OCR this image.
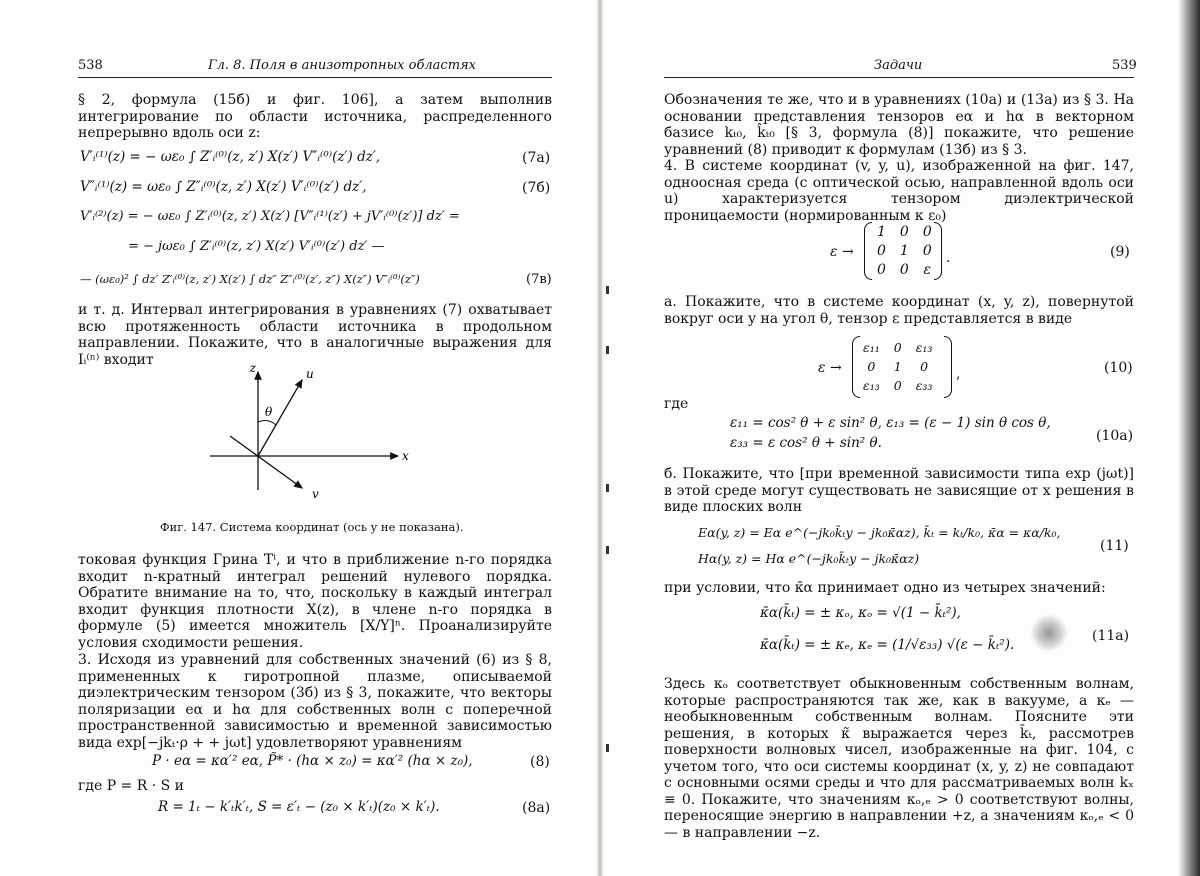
538	Гл. 8. Поля в анизотропных областях
§ 2, формула (15б) и фиг. 106], а затем выполнив интегрирование по области источника, распределенного непрерывно вдоль оси z:
V′ᵢ⁽¹⁾(z) = − ωε₀ ∫ Z′ᵢ⁽⁰⁾(z, z′) X(z′) V″ᵢ⁽⁰⁾(z′) dz′,	(7а)
V″ᵢ⁽¹⁾(z) = ωε₀ ∫ Z″ᵢ⁽⁰⁾(z, z′) X(z′) V′ᵢ⁽⁰⁾(z′) dz′,	(7б)
V′ᵢ⁽²⁾(z) = − ωε₀ ∫ Z′ᵢ⁽⁰⁾(z, z′) X(z′) [V″ᵢ⁽¹⁾(z′) + jV′ᵢ⁽⁰⁾(z′)] dz′ =
= − jωε₀ ∫ Z′ᵢ⁽⁰⁾(z, z′) X(z′) V′ᵢ⁽⁰⁾(z′) dz′ —
— (ωε₀)² ∫ dz′ Z′ᵢ⁽⁰⁾(z, z′) X(z′) ∫ dz″ Z″ᵢ⁽⁰⁾(z′, z″) X(z″) V″ᵢ⁽⁰⁾(z″)	(7в)
и т. д. Интервал интегрирования в уравнениях (7) охватывает всю протяженность области источника в продольном направлении. Покажите, что в аналогичные выражения для Iᵢ⁽ⁿ⁾ входит
z	u
θ
x
v
Фиг. 147. Система координат (ось y не показана).
токовая функция Грина Tⁱ, и что в приближение n-го порядка входит n-кратный интеграл решений нулевого порядка. Обратите внимание на то, что, поскольку в каждый интеграл входит функция плотности X(z), в члене n-го порядка в формуле (5) имеется множитель [X/Y]ⁿ. Проанализируйте условия сходимости решения.
3. Исходя из уравнений для собственных значений (6) из § 8, примененных к гиротропной плазме, описываемой диэлектрическим тензором (3б) из § 3, покажите, что векторы поляризации eα и hα для собственных волн с поперечной пространственной зависимостью и временной зависимостью вида exp[−jkₜ·ρ + + jωt] удовлетворяют уравнениям
P · eα = κα′² eα, P̃* · (hα × z₀) = κα′² (hα × z₀),	(8)
где P = R · S и
R = 1ₜ − k′ₜk′ₜ, S = ε′ₜ − (z₀ × k′ₜ)(z₀ × k′ₜ).	(8а)
Задачи	539
Обозначения те же, что и в уравнениях (10а) и (13а) из § 3. На основании представления тензоров eα и hα в векторном базисе kₜ₀, k̂ₜ₀ [§ 3, формула (8)] покажите, что решение уравнений (8) приводит к формулам (13б) из § 3.
4. В системе координат (v, y, u), изображенной на фиг. 147, одноосная среда (с оптической осью, направленной вдоль оси u) характеризуется тензором диэлектрической проницаемости (нормированным к ε₀)
ε →
1	0	0
0	1	0
0	0	ε
.	(9)
а. Покажите, что в системе координат (x, y, z), повернутой вокруг оси y на угол θ, тензор ε представляется в виде
ε →
ε₁₁	0	ε₁₃
0	1	0
ε₁₃	0	ε₃₃
,	(10)
где
ε₁₁ = cos² θ + ε sin² θ, ε₁₃ = (ε − 1) sin θ cos θ,
ε₃₃ = ε cos² θ + sin² θ.	(10а)
б. Покажите, что [при временной зависимости типа exp (jωt)] в этой среде могут существовать не зависящие от x решения в виде плоских волн
Eα(y, z) = Eα e^(−jk₀k̄ₜy − jk₀κ̄αz), k̄ₜ = kₜ/k₀, κ̄α = κα/k₀,
Hα(y, z) = Hα e^(−jk₀k̄ₜy − jk₀κ̄αz)
(11)
при условии, что κ̄α принимает одно из четырех значений:
κ̄α(k̄ₜ) = ± κₒ, κₒ = √(1 − k̄ₜ²),
κ̄α(k̄ₜ) = ± κₑ, κₑ = (1/√ε₃₃) √(ε − k̄ₜ²).
(11а)
Здесь κₒ соответствует обыкновенным собственным волнам, которые распространяются так же, как в вакууме, а κₑ — необыкновенным собственным волнам. Поясните эти решения, в которых κ̃ выражается через k̄ₜ, рассмотрев поверхности волновых чисел, изображенные на фиг. 104, с учетом того, что оси системы координат (x, y, z) не совпадают с основными осями среды и что для рассматриваемых волн kₓ ≡ 0. Покажите, что значениям κₒ,ₑ > 0 соответствуют волны, переносящие энергию в направлении +z, а значениям κₒ,ₑ < 0 — в направлении −z.
